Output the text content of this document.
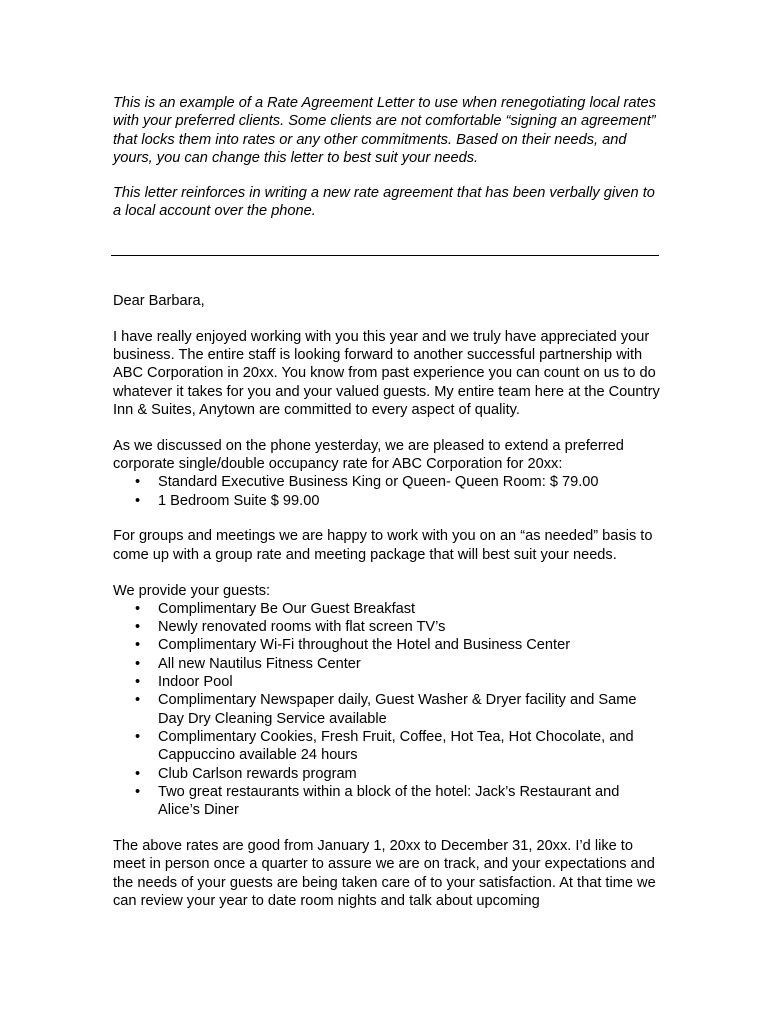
This is an example of a Rate Agreement Letter to use when renegotiating local rates with your preferred clients. Some clients are not comfortable “signing an agreement” that locks them into rates or any other commitments. Based on their needs, and yours, you can change this letter to best suit your needs.

This letter reinforces in writing a new rate agreement that has been verbally given to a local account over the phone.

Dear Barbara,

I have really enjoyed working with you this year and we truly have appreciated your business. The entire staff is looking forward to another successful partnership with ABC Corporation in 20xx. You know from past experience you can count on us to do whatever it takes for you and your valued guests. My entire team here at the Country Inn & Suites, Anytown are committed to every aspect of quality.

As we discussed on the phone yesterday, we are pleased to extend a preferred corporate single/double occupancy rate for ABC Corporation for 20xx:

• Standard Executive Business King or Queen- Queen Room: $ 79.00
• 1 Bedroom Suite $ 99.00

For groups and meetings we are happy to work with you on an “as needed” basis to come up with a group rate and meeting package that will best suit your needs.

We provide your guests:

• Complimentary Be Our Guest Breakfast
• Newly renovated rooms with flat screen TV’s
• Complimentary Wi-Fi throughout the Hotel and Business Center
• All new Nautilus Fitness Center
• Indoor Pool
• Complimentary Newspaper daily, Guest Washer & Dryer facility and Same Day Dry Cleaning Service available
• Complimentary Cookies, Fresh Fruit, Coffee, Hot Tea, Hot Chocolate, and Cappuccino available 24 hours
• Club Carlson rewards program
• Two great restaurants within a block of the hotel: Jack’s Restaurant and Alice’s Diner

The above rates are good from January 1, 20xx to December 31, 20xx. I’d like to meet in person once a quarter to assure we are on track, and your expectations and the needs of your guests are being taken care of to your satisfaction. At that time we can review your year to date room nights and talk about upcoming
